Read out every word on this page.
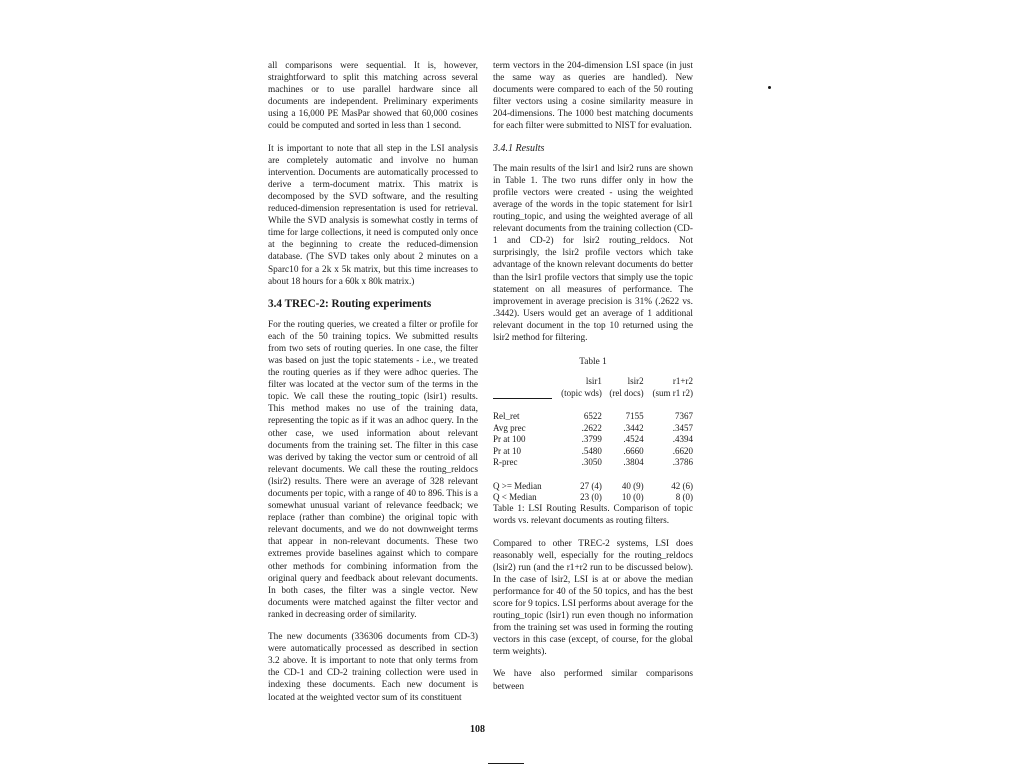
all comparisons were sequential. It is, however, straightforward to split this matching across several machines or to use parallel hardware since all documents are independent. Preliminary experiments using a 16,000 PE MasPar showed that 60,000 cosines could be computed and sorted in less than 1 second.

It is important to note that all step in the LSI analysis are completely automatic and involve no human intervention. Documents are automatically processed to derive a term-document matrix. This matrix is decomposed by the SVD software, and the resulting reduced-dimension representation is used for retrieval. While the SVD analysis is somewhat costly in terms of time for large collections, it need is computed only once at the beginning to create the reduced-dimension database. (The SVD takes only about 2 minutes on a Sparc10 for a 2k x 5k matrix, but this time increases to about 18 hours for a 60k x 80k matrix.)

3.4 TREC-2: Routing experiments

For the routing queries, we created a filter or profile for each of the 50 training topics. We submitted results from two sets of routing queries. In one case, the filter was based on just the topic statements - i.e., we treated the routing queries as if they were adhoc queries. The filter was located at the vector sum of the terms in the topic. We call these the routing_topic (lsir1) results. This method makes no use of the training data, representing the topic as if it was an adhoc query. In the other case, we used information about relevant documents from the training set. The filter in this case was derived by taking the vector sum or centroid of all relevant documents. We call these the routing_reldocs (lsir2) results. There were an average of 328 relevant documents per topic, with a range of 40 to 896. This is a somewhat unusual variant of relevance feedback; we replace (rather than combine) the original topic with relevant documents, and we do not downweight terms that appear in non-relevant documents. These two extremes provide baselines against which to compare other methods for combining information from the original query and feedback about relevant documents. In both cases, the filter was a single vector. New documents were matched against the filter vector and ranked in decreasing order of similarity.

The new documents (336306 documents from CD-3) were automatically processed as described in section 3.2 above. It is important to note that only terms from the CD-1 and CD-2 training collection were used in indexing these documents. Each new document is located at the weighted vector sum of its constituent

term vectors in the 204-dimension LSI space (in just the same way as queries are handled). New documents were compared to each of the 50 routing filter vectors using a cosine similarity measure in 204-dimensions. The 1000 best matching documents for each filter were submitted to NIST for evaluation.

3.4.1 Results

The main results of the lsir1 and lsir2 runs are shown in Table 1. The two runs differ only in how the profile vectors were created - using the weighted average of the words in the topic statement for lsir1 routing_topic, and using the weighted average of all relevant documents from the training collection (CD-1 and CD-2) for lsir2 routing_reldocs. Not surprisingly, the lsir2 profile vectors which take advantage of the known relevant documents do better than the lsir1 profile vectors that simply use the topic statement on all measures of performance. The improvement in average precision is 31% (.2622 vs. .3442). Users would get an average of 1 additional relevant document in the top 10 returned using the lsir2 method for filtering.

Table 1
	lsir1	lsir2	r1+r2
	(topic wds)	(rel docs)	(sum r1 r2)

Rel_ret	6522	7155	7367
Avg prec	.2622	.3442	.3457
Pr at 100	.3799	.4524	.4394
Pr at 10	.5480	.6660	.6620
R-prec	.3050	.3804	.3786

Q >= Median	27 (4)	40 (9)	42 (6)
Q < Median	23 (0)	10 (0)	8 (0)

Table 1: LSI Routing Results. Comparison of topic words vs. relevant documents as routing filters.

Compared to other TREC-2 systems, LSI does reasonably well, especially for the routing_reldocs (lsir2) run (and the r1+r2 run to be discussed below). In the case of lsir2, LSI is at or above the median performance for 40 of the 50 topics, and has the best score for 9 topics. LSI performs about average for the routing_topic (lsir1) run even though no information from the training set was used in forming the routing vectors in this case (except, of course, for the global term weights).

We have also performed similar comparisons between

108
